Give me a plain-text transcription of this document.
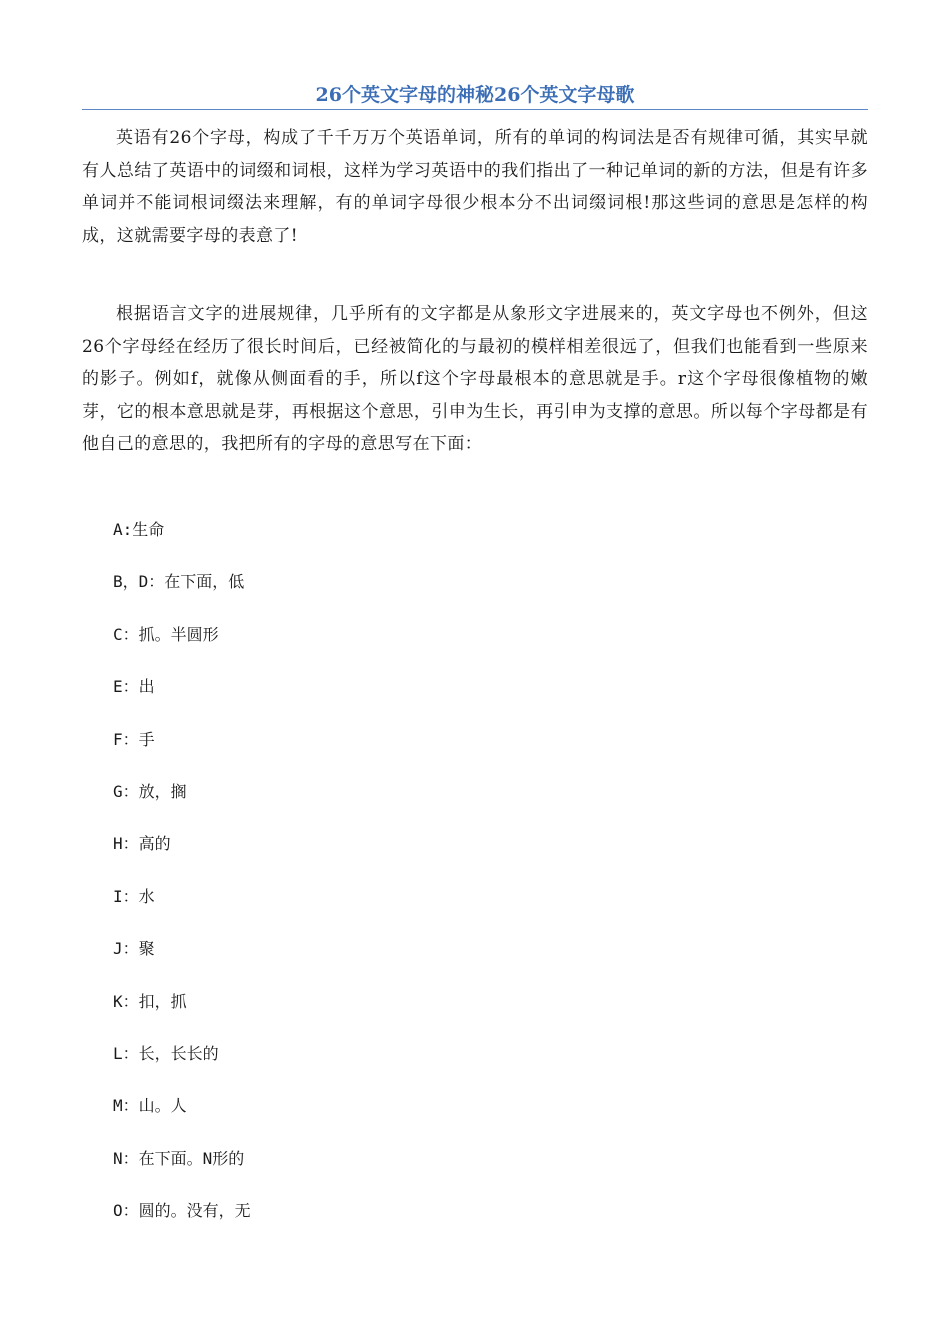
26个英文字母的神秘26个英文字母歌

英语有26个字母，构成了千千万万个英语单词，所有的单词的构词法是否有规律可循，其实早就有人总结了英语中的词缀和词根，这样为学习英语中的我们指出了一种记单词的新的方法，但是有许多单词并不能词根词缀法来理解，有的单词字母很少根本分不出词缀词根!那这些词的意思是怎样的构成，这就需要字母的表意了!

根据语言文字的进展规律，几乎所有的文字都是从象形文字进展来的，英文字母也不例外，但这26个字母经在经历了很长时间后，已经被简化的与最初的模样相差很远了，但我们也能看到一些原来的影子。例如f，就像从侧面看的手，所以f这个字母最根本的意思就是手。r这个字母很像植物的嫩芽，它的根本意思就是芽，再根据这个意思，引申为生长，再引申为支撑的意思。所以每个字母都是有他自己的意思的，我把所有的字母的意思写在下面：

A:生命
B，D：在下面，低
C：抓。半圆形
E：出
F：手
G：放，搁
H：高的
I：水
J：聚
K：扣，抓
L：长，长长的
M：山。人
N：在下面。N形的
O：圆的。没有，无
